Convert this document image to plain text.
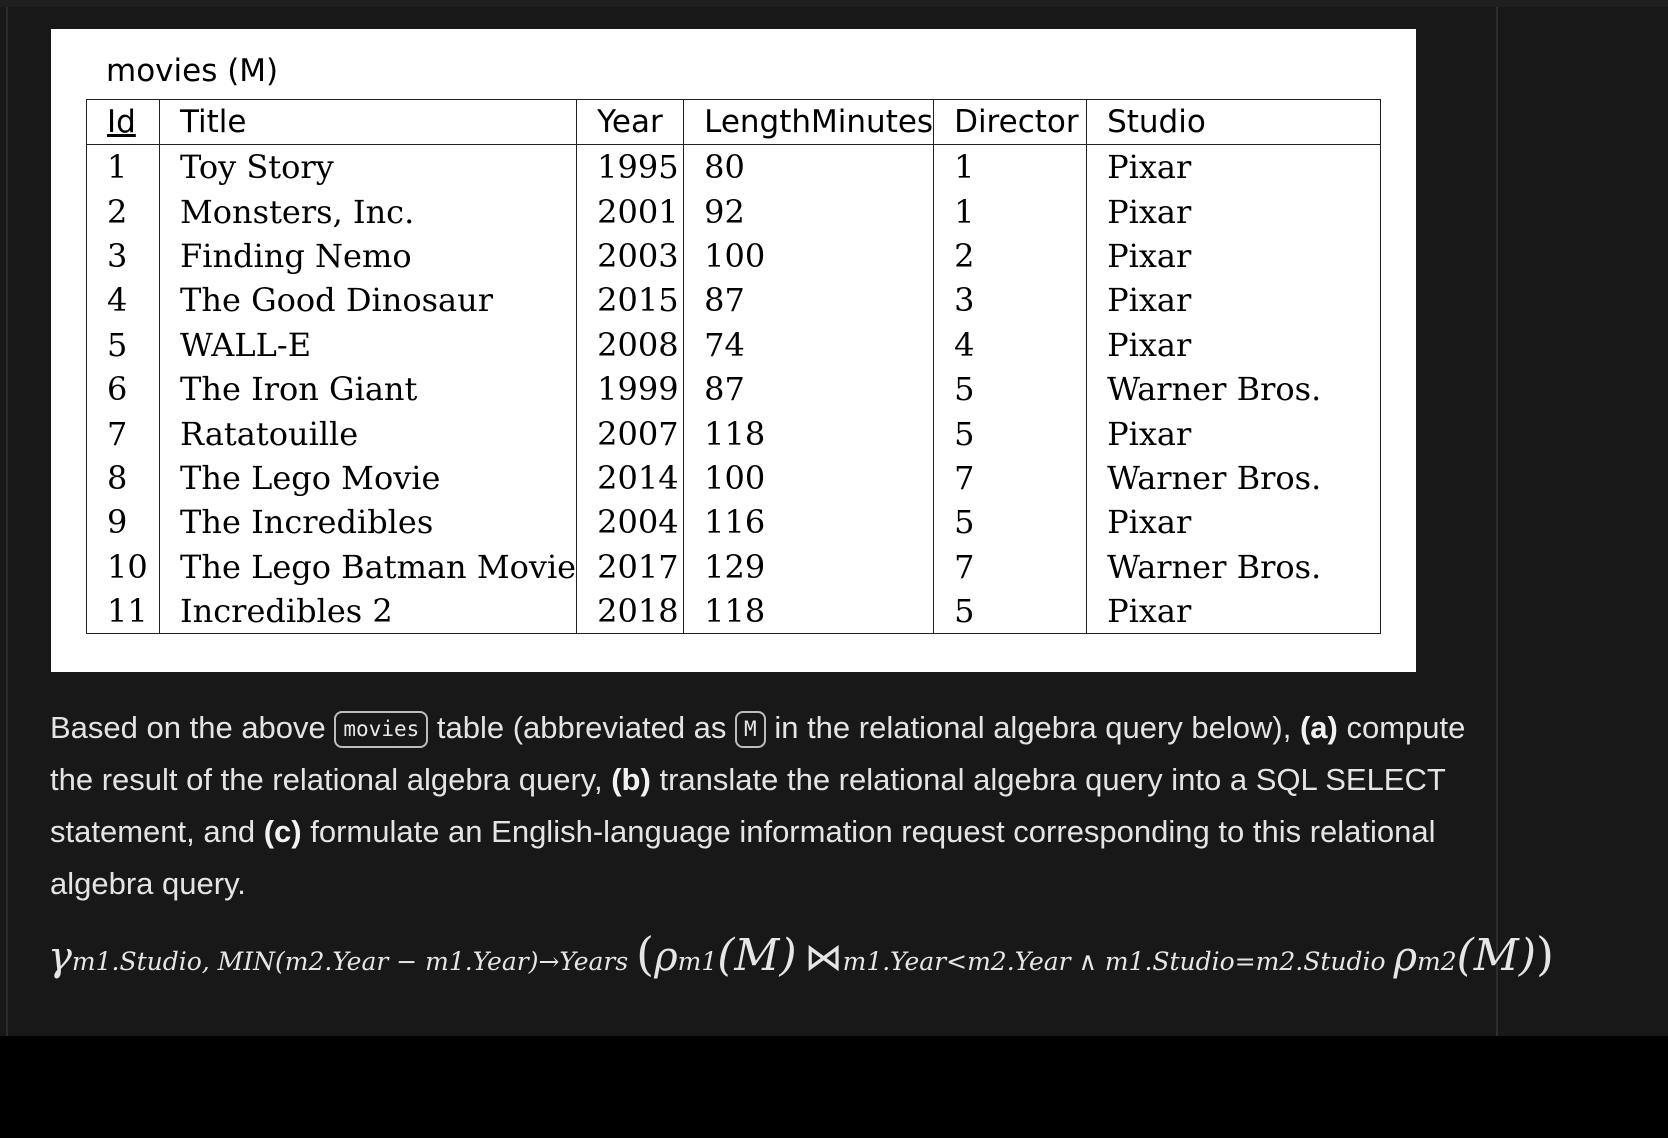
movies (M)
Id	Title	Year	LengthMinutes	Director	Studio
1	Toy Story	1995	80	1	Pixar
2	Monsters, Inc.	2001	92	1	Pixar
3	Finding Nemo	2003	100	2	Pixar
4	The Good Dinosaur	2015	87	3	Pixar
5	WALL-E	2008	74	4	Pixar
6	The Iron Giant	1999	87	5	Warner Bros.
7	Ratatouille	2007	118	5	Pixar
8	The Lego Movie	2014	100	7	Warner Bros.
9	The Incredibles	2004	116	5	Pixar
10	The Lego Batman Movie	2017	129	7	Warner Bros.
11	Incredibles 2	2018	118	5	Pixar
Based on the above movies table (abbreviated as M in the relational algebra query below), (a) compute the result of the relational algebra query, (b) translate the relational algebra query into a SQL SELECT statement, and (c) formulate an English-language information request corresponding to this relational algebra query.
γm1.Studio, MIN(m2.Year − m1.Year)→Years (ρm1(M) ⋈m1.Year<m2.Year ∧ m1.Studio=m2.Studio ρm2(M))
